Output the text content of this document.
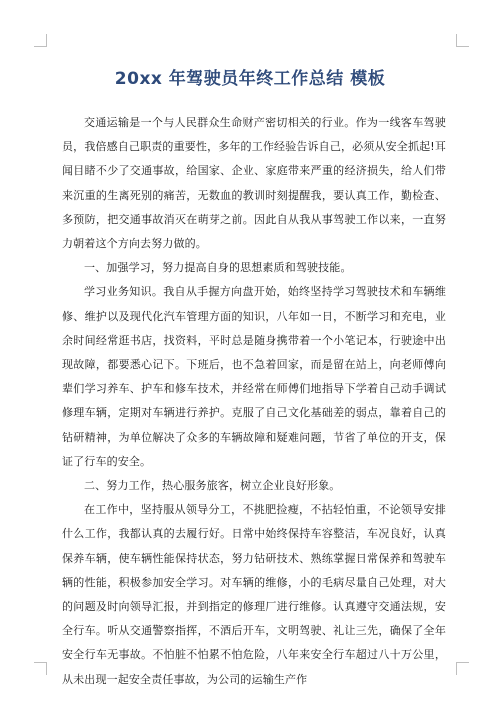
20xx 年驾驶员年终工作总结 模板

交通运输是一个与人民群众生命财产密切相关的行业。作为一线客车驾驶员，我倍感自己职责的重要性，多年的工作经验告诉自己，必须从安全抓起!耳闻目睹不少了交通事故，给国家、企业、家庭带来严重的经济损失，给人们带来沉重的生离死别的痛苦，无数血的教训时刻提醒我，要认真工作，勤检查、多预防，把交通事故消灭在萌芽之前。因此自从我从事驾驶工作以来，一直努力朝着这个方向去努力做的。

一、加强学习，努力提高自身的思想素质和驾驶技能。

学习业务知识。我自从手握方向盘开始，始终坚持学习驾驶技术和车辆维修、维护以及现代化汽车管理方面的知识，八年如一日，不断学习和充电，业余时间经常逛书店，找资料，平时总是随身携带着一个小笔记本，行驶途中出现故障，都要悉心记下。下班后，也不急着回家，而是留在站上，向老师傅向辈们学习养车、护车和修车技术，并经常在师傅们地指导下学着自己动手调试修理车辆，定期对车辆进行养护。克服了自己文化基础差的弱点，靠着自己的钻研精神，为单位解决了众多的车辆故障和疑难问题，节省了单位的开支，保证了行车的安全。

二、努力工作，热心服务旅客，树立企业良好形象。

在工作中，坚持服从领导分工，不挑肥捡瘦，不拈轻怕重，不论领导安排什么工作，我都认真的去履行好。日常中始终保持车容整洁，车况良好，认真保养车辆，使车辆性能保持状态，努力钻研技术、熟练掌握日常保养和驾驶车辆的性能，积极参加安全学习。对车辆的维修，小的毛病尽量自己处理，对大的问题及时向领导汇报，并到指定的修理厂进行维修。认真遵守交通法规，安全行车。听从交通警察指挥，不酒后开车，文明驾驶、礼让三先，确保了全年安全行车无事故。不怕脏不怕累不怕危险，八年来安全行车超过八十万公里，从未出现一起安全责任事故，为公司的运输生产作
